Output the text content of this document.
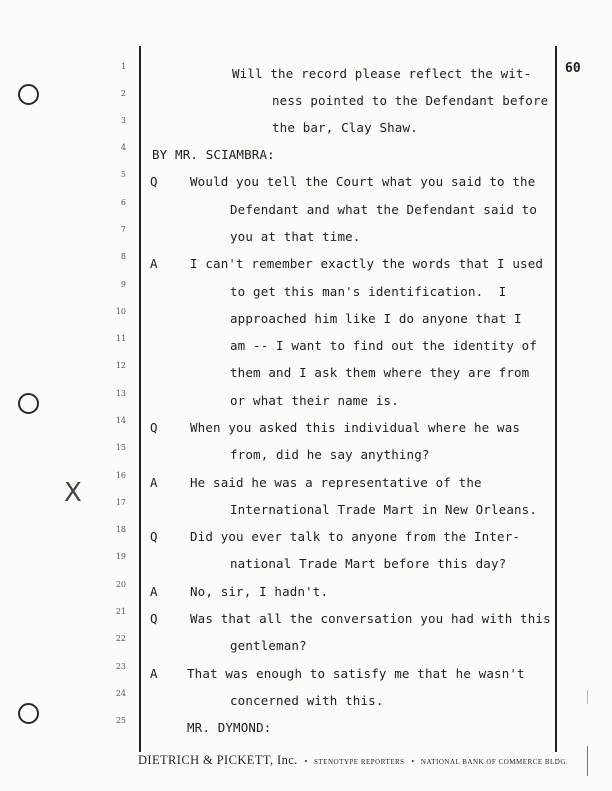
X
60
1
2
3
4
5
6
7
8
9
10
11
12
13
14
15
16
17
18
19
20
21
22
23
24
25
Will the record please reflect the wit-
ness pointed to the Defendant before
the bar, Clay Shaw.
BY MR. SCIAMBRA:
Q	Would you tell the Court what you said to the
Defendant and what the Defendant said to
you at that time.
A	I can't remember exactly the words that I used
to get this man's identification.  I
approached him like I do anyone that I
am -- I want to find out the identity of
them and I ask them where they are from
or what their name is.
Q	When you asked this individual where he was
from, did he say anything?
A	He said he was a representative of the
International Trade Mart in New Orleans.
Q	Did you ever talk to anyone from the Inter-
national Trade Mart before this day?
A	No, sir, I hadn't.
Q	Was that all the conversation you had with this
gentleman?
A That was enough to satisfy me that he wasn't
concerned with this.
MR. DYMOND:
DIETRICH & PICKETT, Inc. • STENOTYPE REPORTERS • NATIONAL BANK OF COMMERCE BLDG.
